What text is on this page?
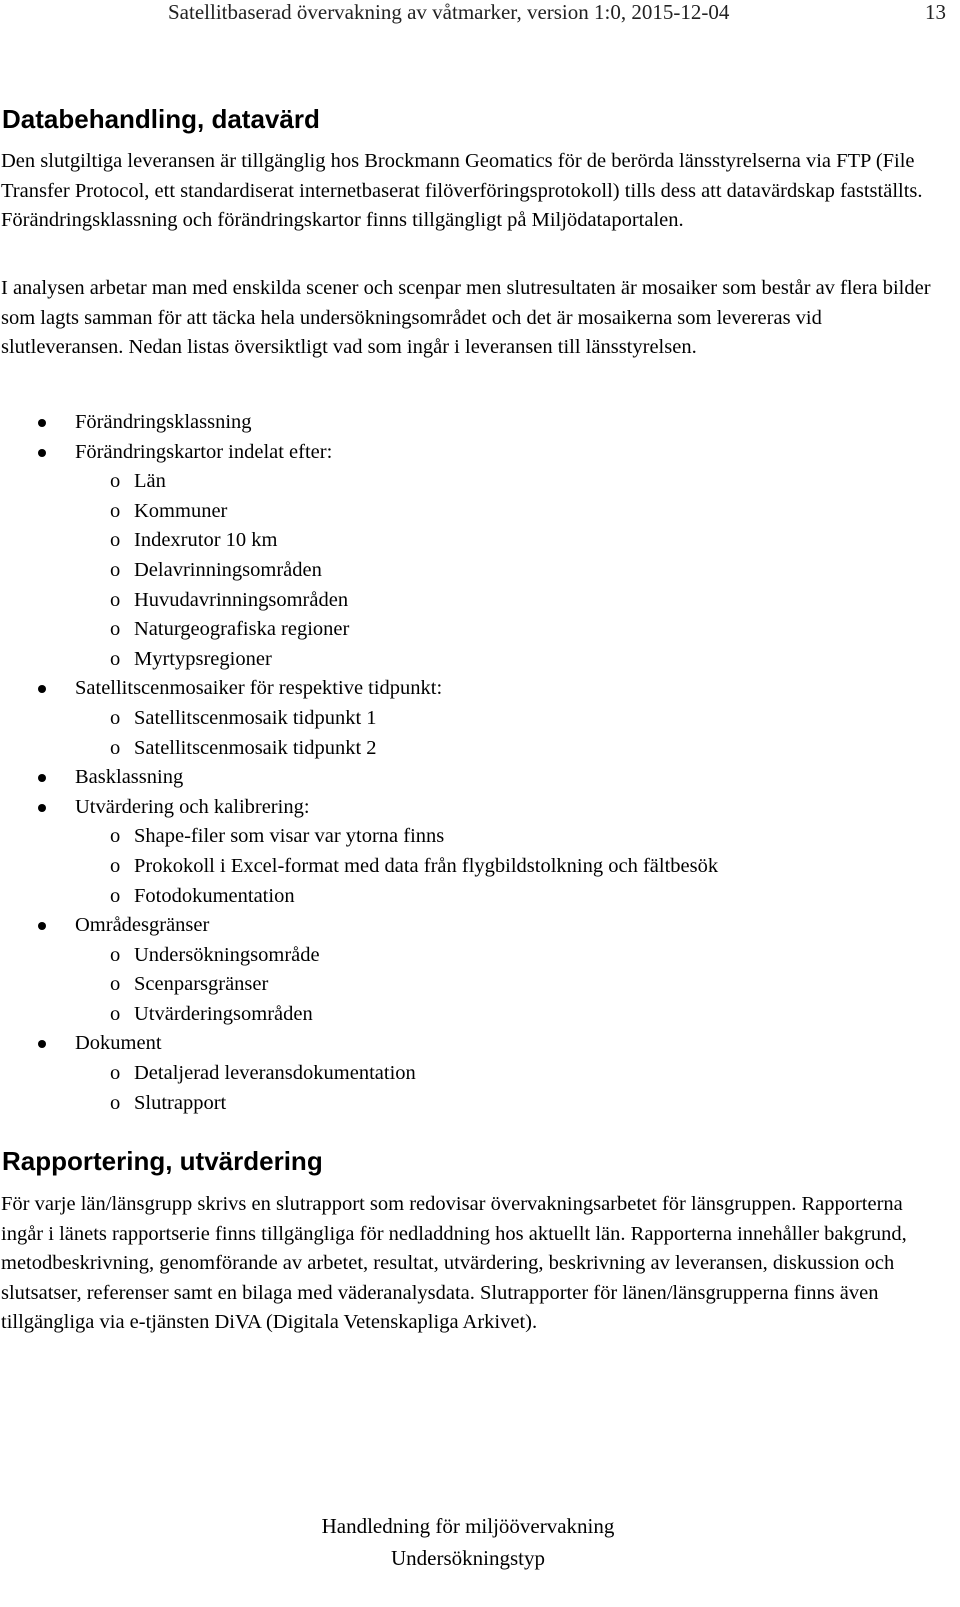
Satellitbaserad övervakning av våtmarker, version 1:0, 2015-12-04	13
Databehandling, datavärd

Den slutgiltiga leveransen är tillgänglig hos Brockmann Geomatics för de berörda länsstyrelserna via FTP (File Transfer Protocol, ett standardiserat internetbaserat filöverföringsprotokoll) tills dess att datavärdskap fastställts. Förändringsklassning och förändringskartor finns tillgängligt på Miljödataportalen.

I analysen arbetar man med enskilda scener och scenpar men slutresultaten är mosaiker som består av flera bilder som lagts samman för att täcka hela undersökningsområdet och det är mosaikerna som levereras vid slutleveransen. Nedan listas översiktligt vad som ingår i leveransen till länsstyrelsen.

Förändringsklassning
Förändringskartor indelat efter:
o Län
o Kommuner
o Indexrutor 10 km
o Delavrinningsområden
o Huvudavrinningsområden
o Naturgeografiska regioner
o Myrtypsregioner
Satellitscenmosaiker för respektive tidpunkt:
o Satellitscenmosaik tidpunkt 1
o Satellitscenmosaik tidpunkt 2
Basklassning
Utvärdering och kalibrering:
o Shape-filer som visar var ytorna finns
o Prokokoll i Excel-format med data från flygbildstolkning och fältbesök
o Fotodokumentation
Områdesgränser
o Undersökningsområde
o Scenparsgränser
o Utvärderingsområden
Dokument
o Detaljerad leveransdokumentation
o Slutrapport
Rapportering, utvärdering

För varje län/länsgrupp skrivs en slutrapport som redovisar övervakningsarbetet för länsgruppen. Rapporterna ingår i länets rapportserie finns tillgängliga för nedladdning hos aktuellt län. Rapporterna innehåller bakgrund, metodbeskrivning, genomförande av arbetet, resultat, utvärdering, beskrivning av leveransen, diskussion och slutsatser, referenser samt en bilaga med väderanalysdata. Slutrapporter för länen/länsgrupperna finns även tillgängliga via e-tjänsten DiVA (Digitala Vetenskapliga Arkivet).

Handledning för miljöövervakning
Undersökningstyp
